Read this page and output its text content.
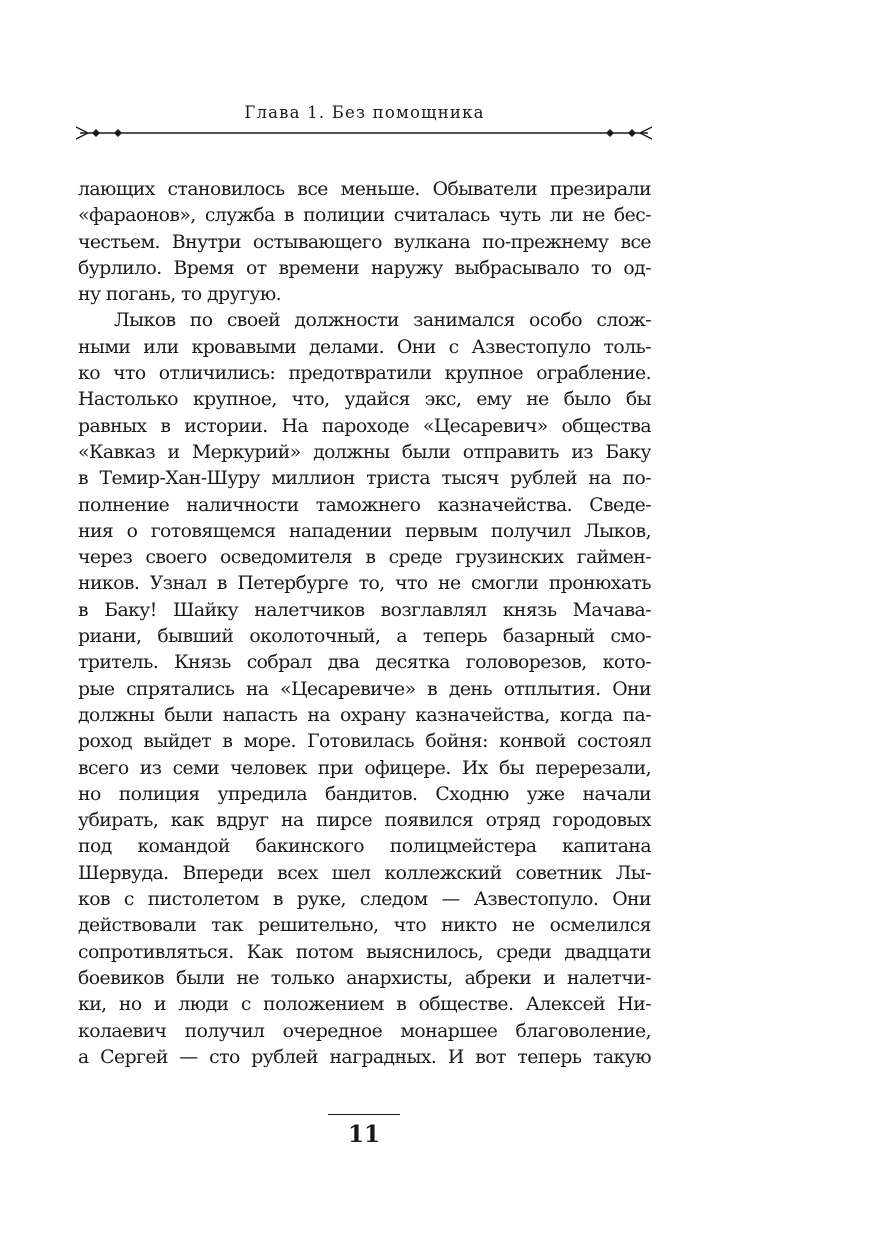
Глава 1. Без помощника
лающих становилось все меньше. Обыватели презирали
«фараонов», служба в полиции считалась чуть ли не бес-
честьем. Внутри остывающего вулкана по-прежнему все
бурлило. Время от времени наружу выбрасывало то од-
ну погань, то другую.
Лыков по своей должности занимался особо слож-
ными или кровавыми делами. Они с Азвестопуло толь-
ко что отличились: предотвратили крупное ограбление.
Настолько крупное, что, удайся экс, ему не было бы
равных в истории. На пароходе «Цесаревич» общества
«Кавказ и Меркурий» должны были отправить из Баку
в Темир-Хан-Шуру миллион триста тысяч рублей на по-
полнение наличности таможнего казначейства. Сведе-
ния о готовящемся нападении первым получил Лыков,
через своего осведомителя в среде грузинских гаймен-
ников. Узнал в Петербурге то, что не смогли пронюхать
в Баку! Шайку налетчиков возглавлял князь Мачава-
риани, бывший околоточный, а теперь базарный смо-
тритель. Князь собрал два десятка головорезов, кото-
рые спрятались на «Цесаревиче» в день отплытия. Они
должны были напасть на охрану казначейства, когда па-
роход выйдет в море. Готовилась бойня: конвой состоял
всего из семи человек при офицере. Их бы перерезали,
но полиция упредила бандитов. Сходню уже начали
убирать, как вдруг на пирсе появился отряд городовых
под командой бакинского полицмейстера капитана
Шервуда. Впереди всех шел коллежский советник Лы-
ков с пистолетом в руке, следом — Азвестопуло. Они
действовали так решительно, что никто не осмелился
сопротивляться. Как потом выяснилось, среди двадцати
боевиков были не только анархисты, абреки и налетчи-
ки, но и люди с положением в обществе. Алексей Ни-
колаевич получил очередное монаршее благоволение,
а Сергей — сто рублей наградных. И вот теперь такую
11
